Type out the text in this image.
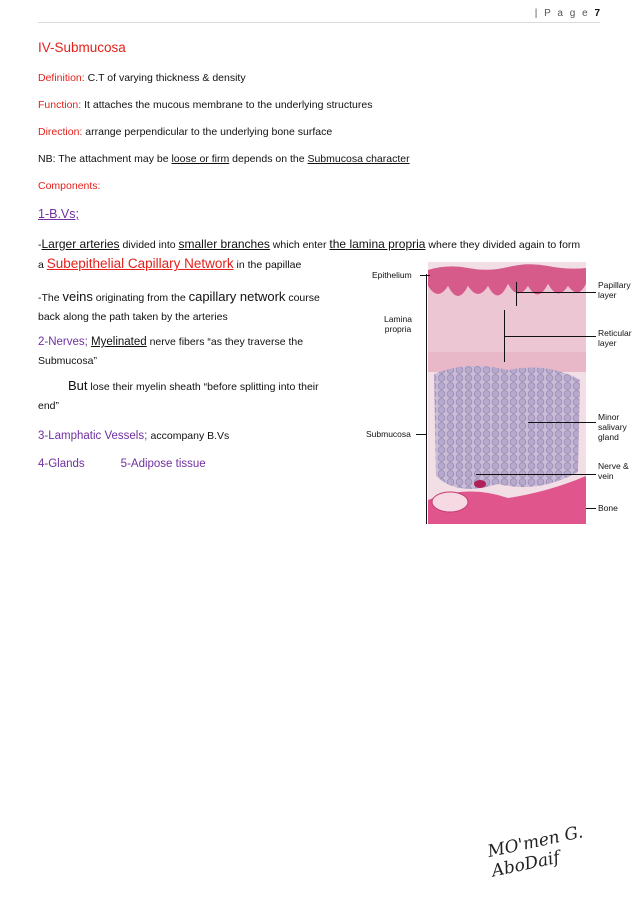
| P a g e 7
IV-Submucosa

Definition: C.T of varying thickness & density

Function: It attaches the mucous membrane to the underlying structures

Direction: arrange perpendicular to the underlying bone surface

NB: The attachment may be loose or firm depends on the Submucosa character

Components:

1-B.Vs;

-Larger arteries divided into smaller branches which enter the lamina propria where they divided again to form

a Subepithelial Capillary Network in the papillae

-The veins originating from the capillary network course back along the path taken by the arteries

2-Nerves; Myelinated nerve fibers “as they traverse the Submucosa”

But lose their myelin sheath “before splitting into their end”

3-Lamphatic Vessels; accompany B.Vs

4-Glands	5-Adipose tissue

Epithelium
Lamina propria
Submucosa
Papillary layer
Reticular layer
Minor salivary gland
Nerve & vein
Bone
MO'men G. AboDaif
